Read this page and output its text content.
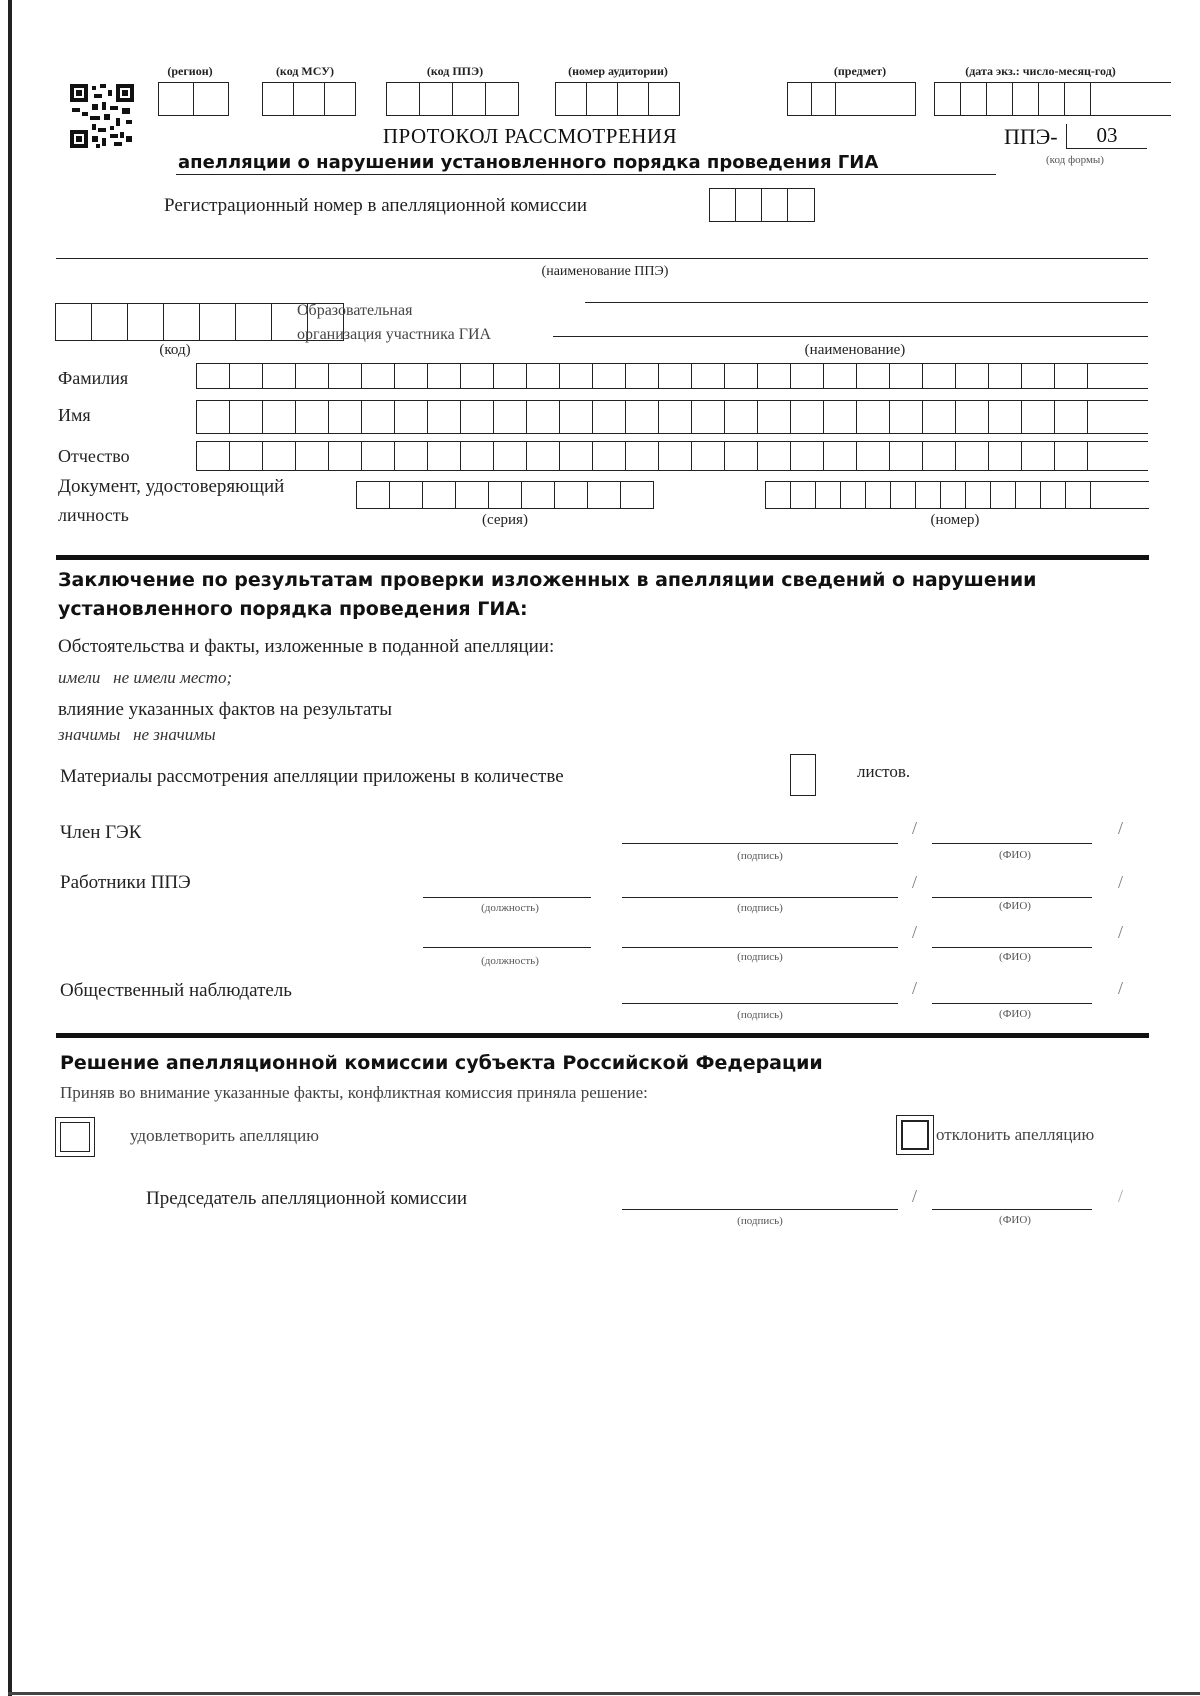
(регион)	(код МСУ)	(код ППЭ)	(номер аудитории)	(предмет)	(дата экз.: число-месяц-год)
ПРОТОКОЛ РАССМОТРЕНИЯ
апелляции о нарушении установленного порядка проведения ГИА
ППЭ-	03
(код формы)
Регистрационный номер в апелляционной комиссии
(наименование ППЭ)
Образовательная
организация участника ГИА
(код)	(наименование)
Фамилия
Имя
Отчество
Документ, удостоверяющий
личность	(серия)	(номер)
Заключение по результатам проверки изложенных в апелляции сведений о нарушении
установленного порядка проведения ГИА:
Обстоятельства и факты, изложенные в поданной апелляции:
имели   не имели место;
влияние указанных фактов на результаты
значимы   не значимы
Материалы рассмотрения апелляции приложены в количестве	листов.
Член ГЭК	/	/
(подпись)	(ФИО)
Работники ППЭ	/	/
(должность)	(подпись)	(ФИО)
/	/
(должность)	(подпись)	(ФИО)
Общественный наблюдатель	/	/
(подпись)	(ФИО)
Решение апелляционной комиссии субъекта Российской Федерации
Приняв во внимание указанные факты, конфликтная комиссия приняла решение:
удовлетворить апелляцию	отклонить апелляцию
Председатель апелляционной комиссии	/	/
(подпись)	(ФИО)
